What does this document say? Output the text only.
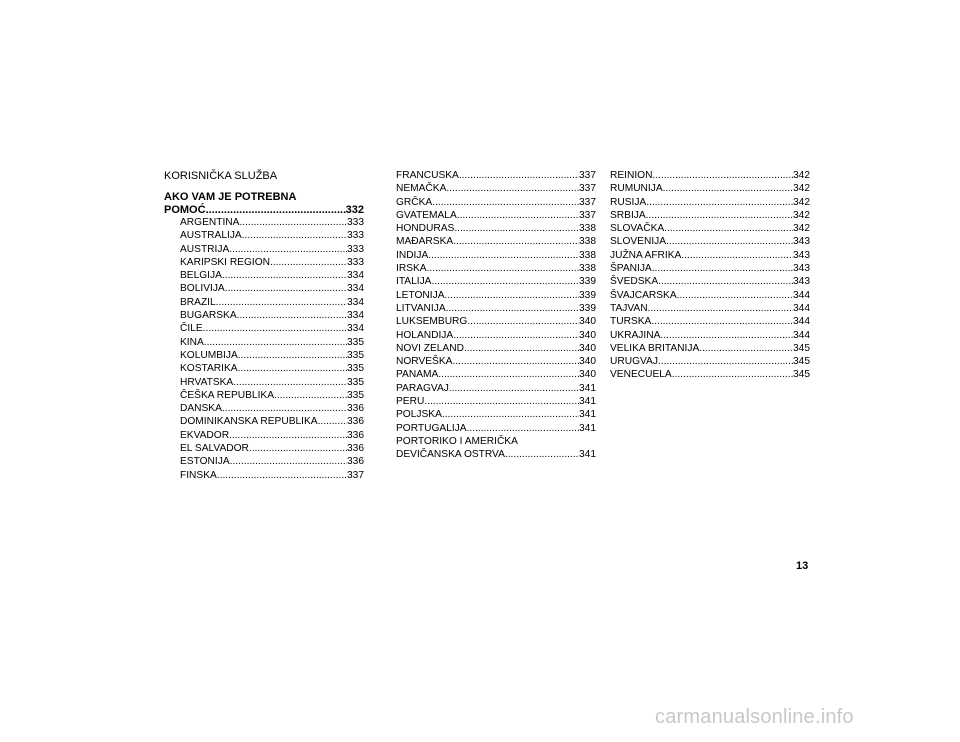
KORISNIČKA SLUŽBA
AKO VAM JE POTREBNA
POMOĆ .....	332
ARGENTINA .....	333
AUSTRALIJA .....	333
AUSTRIJA .....	333
KARIPSKI REGION .....	333
BELGIJA .....	334
BOLIVIJA .....	334
BRAZIL .....	334
BUGARSKA .....	334
ČILE .....	334
KINA .....	335
KOLUMBIJA .....	335
KOSTARIKA .....	335
HRVATSKA .....	335
ČEŠKA REPUBLIKA .....	335
DANSKA .....	336
DOMINIKANSKA REPUBLIKA .....	336
EKVADOR .....	336
EL SALVADOR .....	336
ESTONIJA .....	336
FINSKA .....	337
FRANCUSKA .....	337
NEMAČKA .....	337
GRČKA .....	337
GVATEMALA .....	337
HONDURAS .....	338
MAĐARSKA .....	338
INDIJA .....	338
IRSKA .....	338
ITALIJA .....	339
LETONIJA .....	339
LITVANIJA .....	339
LUKSEMBURG .....	340
HOLANDIJA .....	340
NOVI ZELAND .....	340
NORVEŠKA .....	340
PANAMA .....	340
PARAGVAJ .....	341
PERU .....	341
POLJSKA .....	341
PORTUGALIJA .....	341
PORTORIKO I AMERIČKA
DEVIČANSKA OSTRVA .....	341
REINION .....	342
RUMUNIJA .....	342
RUSIJA .....	342
SRBIJA .....	342
SLOVAČKA .....	342
SLOVENIJA .....	343
JUŽNA AFRIKA .....	343
ŠPANIJA .....	343
ŠVEDSKA .....	343
ŠVAJCARSKA .....	344
TAJVAN .....	344
TURSKA .....	344
UKRAJINA .....	344
VELIKA BRITANIJA .....	345
URUGVAJ .....	345
VENECUELA .....	345
13
carmanualsonline.info
